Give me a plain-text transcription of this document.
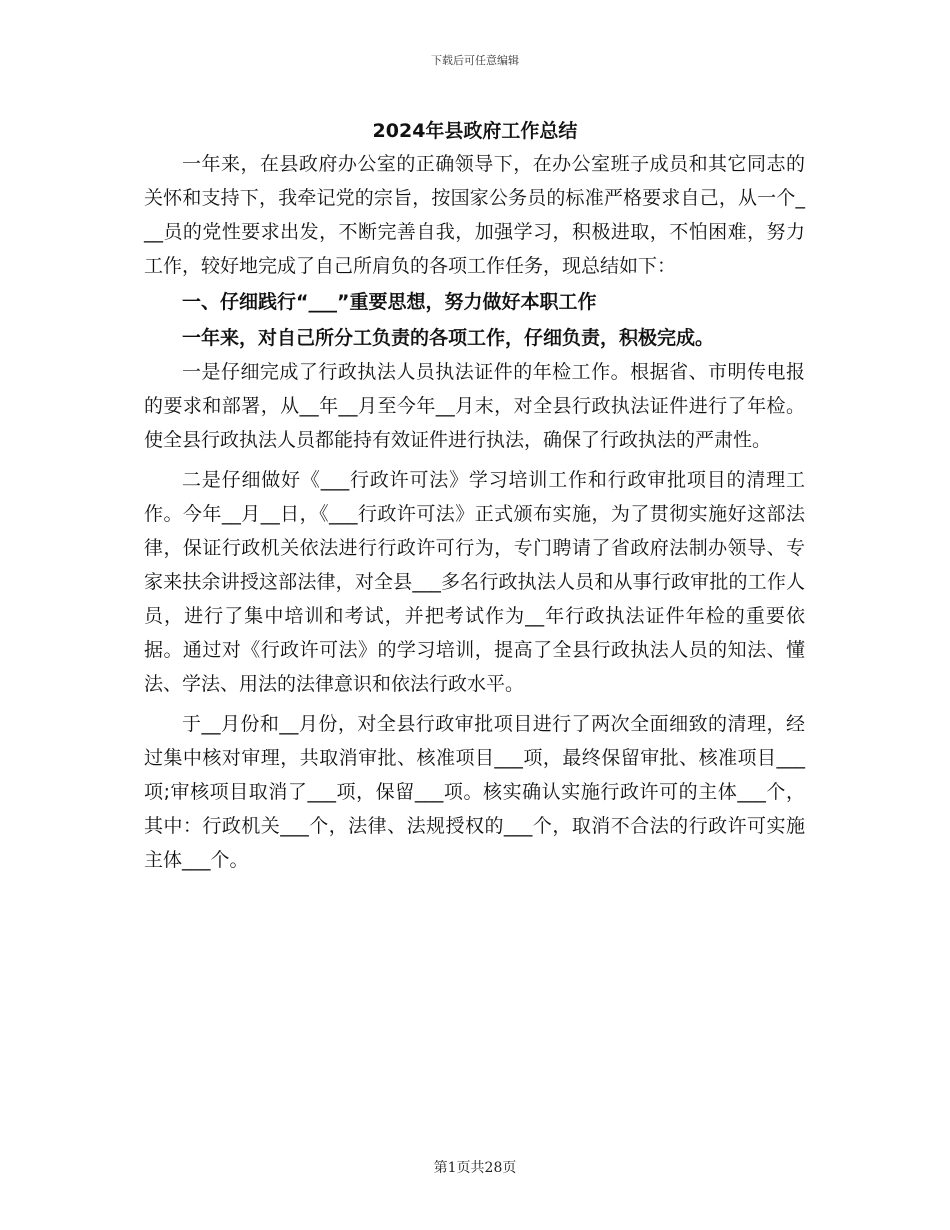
下载后可任意编辑
2024年县政府工作总结

一年来，在县政府办公室的正确领导下，在办公室班子成员和其它同志的关怀和支持下，我牵记党的宗旨，按国家公务员的标准严格要求自己，从一个___员的党性要求出发，不断完善自我，加强学习，积极进取，不怕困难，努力工作，较好地完成了自己所肩负的各项工作任务，现总结如下：

一、仔细践行“___”重要思想，努力做好本职工作

一年来，对自己所分工负责的各项工作，仔细负责，积极完成。

一是仔细完成了行政执法人员执法证件的年检工作。根据省、市明传电报的要求和部署，从__年__月至今年__月末，对全县行政执法证件进行了年检。使全县行政执法人员都能持有效证件进行执法，确保了行政执法的严肃性。

二是仔细做好《___行政许可法》学习培训工作和行政审批项目的清理工作。今年__月__日，《___行政许可法》正式颁布实施，为了贯彻实施好这部法律，保证行政机关依法进行行政许可行为，专门聘请了省政府法制办领导、专家来扶余讲授这部法律，对全县___多名行政执法人员和从事行政审批的工作人员，进行了集中培训和考试，并把考试作为__年行政执法证件年检的重要依据。通过对《行政许可法》的学习培训，提高了全县行政执法人员的知法、懂法、学法、用法的法律意识和依法行政水平。

于__月份和__月份，对全县行政审批项目进行了两次全面细致的清理，经过集中核对审理，共取消审批、核准项目___项，最终保留审批、核准项目___项;审核项目取消了___项，保留___项。核实确认实施行政许可的主体___个，其中：行政机关___个，法律、法规授权的___个，取消不合法的行政许可实施主体___个。

第1页共28页
